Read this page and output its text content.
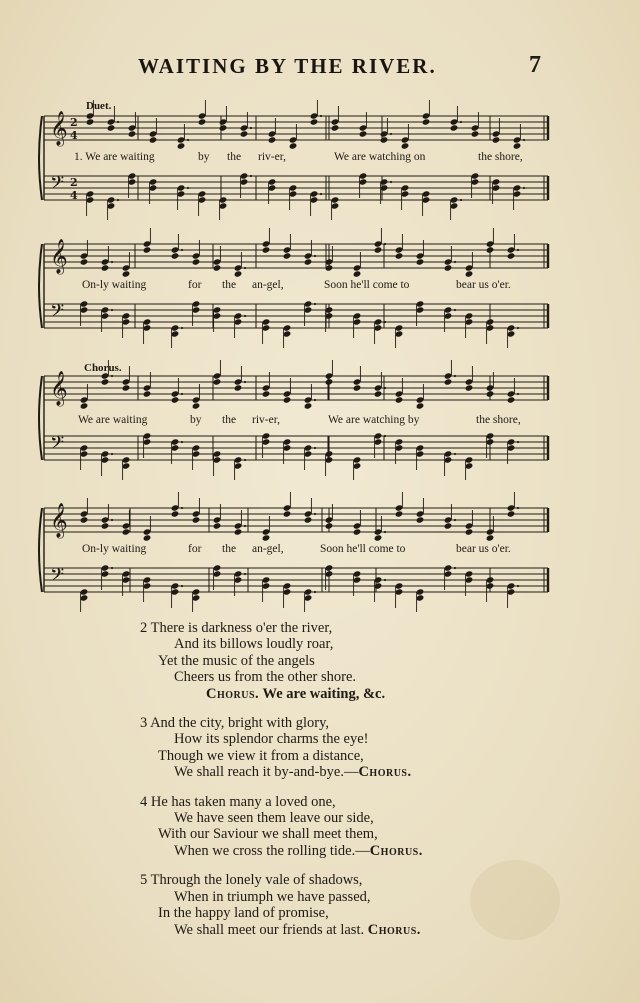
WAITING BY THE RIVER.	7
Duet.
𝄞 2
4
𝄢 2
4
1. We are waiting	by the riv-er,	We are watching on	the shore,
𝄞
𝄢
On-ly waiting	for the an-gel,	Soon he'll come to	bear us o'er.
Chorus.
𝄞
𝄢
We are waiting	by the riv-er,	We are watching by	the shore,
𝄞
𝄢
On-ly waiting	for the an-gel,	Soon he'll come to	bear us o'er.
2 There is darkness o'er the river,
And its billows loudly roar,
Yet the music of the angels
Cheers us from the other shore.
Chorus. We are waiting, &c.
3 And the city, bright with glory,
How its splendor charms the eye!
Though we view it from a distance,
We shall reach it by-and-bye.—Chorus.
4 He has taken many a loved one,
We have seen them leave our side,
With our Saviour we shall meet them,
When we cross the rolling tide.—Chorus.
5 Through the lonely vale of shadows,
When in triumph we have passed,
In the happy land of promise,
We shall meet our friends at last. Chorus.
